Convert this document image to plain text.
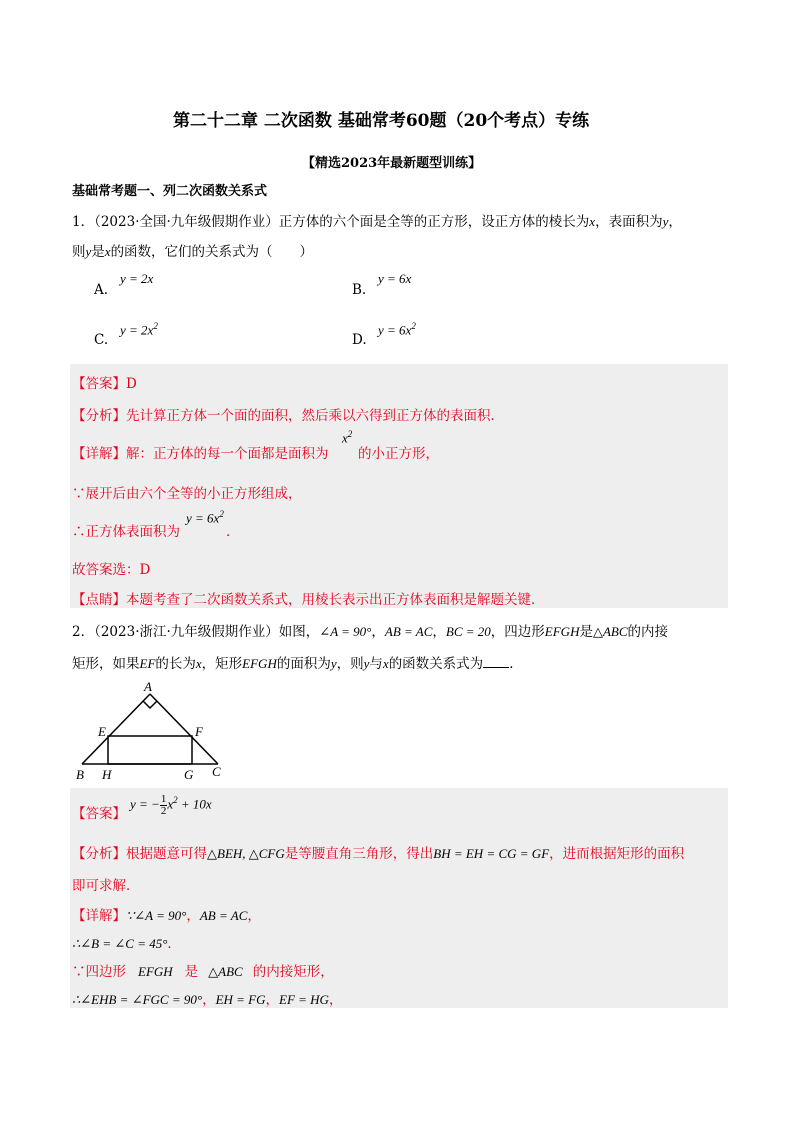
第二十二章 二次函数 基础常考60题（20个考点）专练
【精选2023年最新题型训练】
基础常考题一、列二次函数关系式
1．（2023·全国·九年级假期作业）正方体的六个面是全等的正方形，设正方体的棱长为x，表面积为y，
则y是x的函数，它们的关系式为（　　）
A.
y = 2x
B.
y = 6x
C.
$y = 2x^2$
D.
$y = 6x^2$
【答案】D
【分析】先计算正方体一个面的面积，然后乘以六得到正方体的表面积．
【详解】解：正方体的每一个面都是面积为
$x^2$
的小正方形，
∵展开后由六个全等的小正方形组成，
∴正方体表面积为
$y = 6x^2$
．
故答案选：D
【点睛】本题考查了二次函数关系式，用棱长表示出正方体表面积是解题关键．
2．（2023·浙江·九年级假期作业）如图，∠A = 90°，AB = AC，BC = 20，四边形EFGH是△ABC的内接
矩形，如果EF的长为x，矩形EFGH的面积为y，则y与x的函数关系式为 ．
A
E	F
B H	G C
【答案】
y = − $\frac{1}{2} x^2 + 10x$
【分析】根据题意可得△BEH, △CFG是等腰直角三角形，得出BH = EH = CG = GF，进而根据矩形的面积
即可求解．
【详解】∵∠A = 90°，AB = AC，
∴∠B = ∠C = 45°．
∵四边形 EFGH 是 △ABC 的内接矩形，
∴∠EHB = ∠FGC = 90°，EH = FG，EF = HG，
